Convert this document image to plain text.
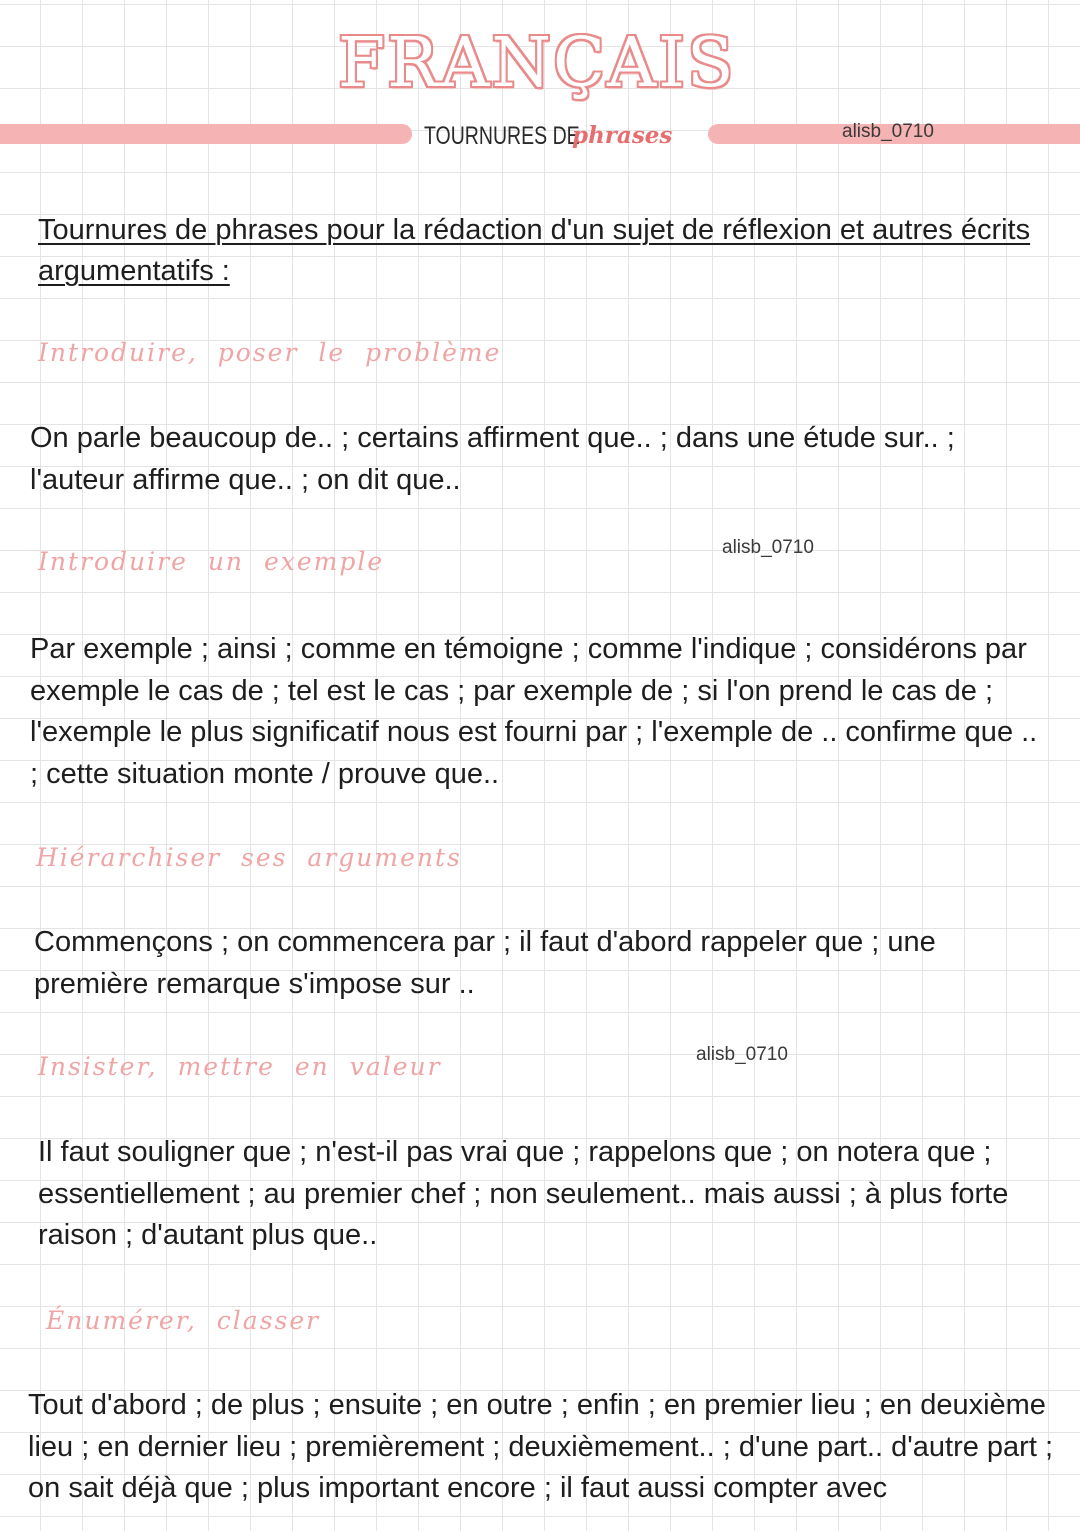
FRANÇAIS
TOURNURES DE
phrases	alisb_0710
Tournures de phrases pour la rédaction d'un sujet de réflexion et autres écrits argumentatifs :
Introduire, poser le problème

On parle beaucoup de.. ; certains affirment que.. ; dans une étude sur.. ; l'auteur affirme que.. ; on dit que..

alisb_0710
Introduire un exemple

Par exemple ; ainsi ; comme en témoigne ; comme l'indique ; considérons par exemple le cas de ; tel est le cas ; par exemple de ; si l'on prend le cas de ; l'exemple le plus significatif nous est fourni par ; l'exemple de .. confirme que .. ; cette situation monte / prouve que..

Hiérarchiser ses arguments

Commençons ; on commencera par ; il faut d'abord rappeler que ; une première remarque s'impose sur ..

alisb_0710
Insister, mettre en valeur

Il faut souligner que ; n'est-il pas vrai que ; rappelons que ; on notera que ; essentiellement ; au premier chef ; non seulement.. mais aussi ; à plus forte raison ; d'autant plus que..

Énumérer, classer

Tout d'abord ; de plus ; ensuite ; en outre ; enfin ; en premier lieu ; en deuxième lieu ; en dernier lieu ; premièrement ; deuxièmement.. ; d'une part.. d'autre part ; on sait déjà que ; plus important encore ; il faut aussi compter avec
